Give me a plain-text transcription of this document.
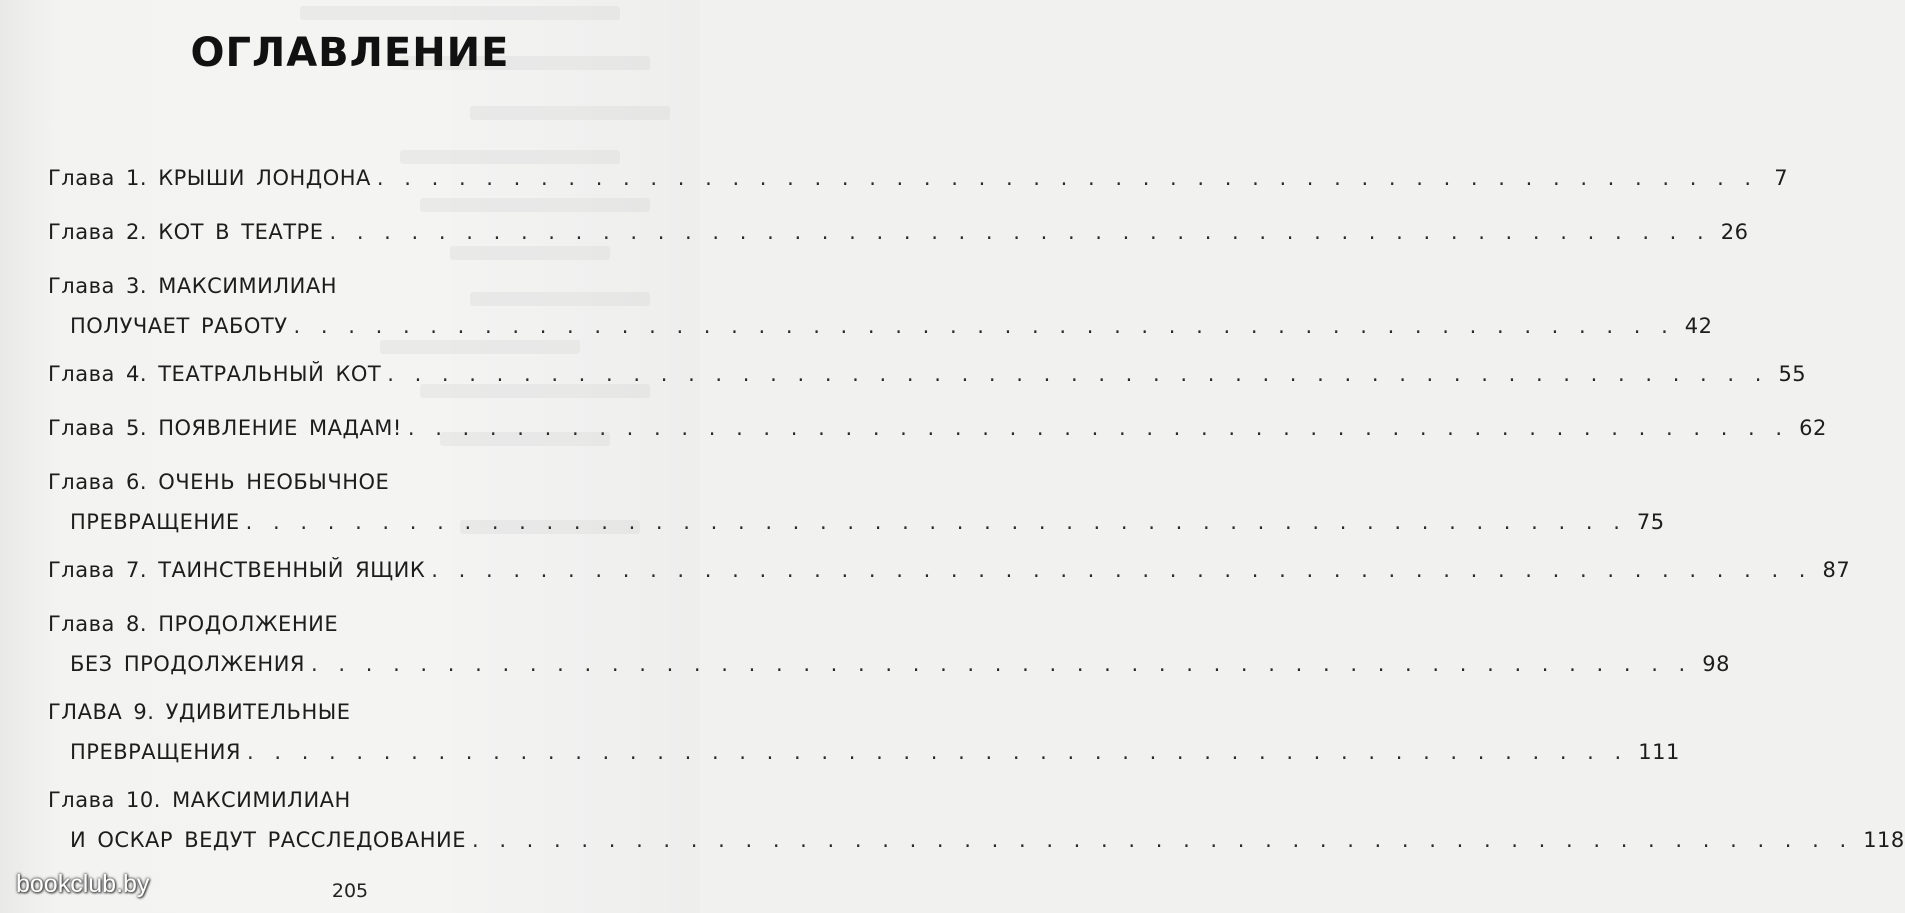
ОГЛАВЛЕНИЕ
Глава 1. КРЫШИ ЛОНДОНА . . . . . . . . . . . . . . . . . . . . . . . . . . . . . . . . . . . . . . . . . . . . . . . . . . . 7
Глава 2. КОТ В ТЕАТРЕ . . . . . . . . . . . . . . . . . . . . . . . . . . . . . . . . . . . . . . . . . . . . . . . . . . . 26
Глава 3. МАКСИМИЛИАН
ПОЛУЧАЕТ РАБОТУ . . . . . . . . . . . . . . . . . . . . . . . . . . . . . . . . . . . . . . . . . . . . . . . . . . . 42
Глава 4. ТЕАТРАЛЬНЫЙ КОТ . . . . . . . . . . . . . . . . . . . . . . . . . . . . . . . . . . . . . . . . . . . . . . . . . . . 55
Глава 5. ПОЯВЛЕНИЕ МАДАМ! . . . . . . . . . . . . . . . . . . . . . . . . . . . . . . . . . . . . . . . . . . . . . . . . . . . 62
Глава 6. ОЧЕНЬ НЕОБЫЧНОЕ
ПРЕВРАЩЕНИЕ . . . . . . . . . . . . . . . . . . . . . . . . . . . . . . . . . . . . . . . . . . . . . . . . . . . 75
Глава 7. ТАИНСТВЕННЫЙ ЯЩИК . . . . . . . . . . . . . . . . . . . . . . . . . . . . . . . . . . . . . . . . . . . . . . . . . . . 87
Глава 8. ПРОДОЛЖЕНИЕ
БЕЗ ПРОДОЛЖЕНИЯ . . . . . . . . . . . . . . . . . . . . . . . . . . . . . . . . . . . . . . . . . . . . . . . . . . . 98
ГЛАВА 9. УДИВИТЕЛЬНЫЕ
ПРЕВРАЩЕНИЯ . . . . . . . . . . . . . . . . . . . . . . . . . . . . . . . . . . . . . . . . . . . . . . . . . . . 111
Глава 10. МАКСИМИЛИАН
И ОСКАР ВЕДУТ РАССЛЕДОВАНИЕ . . . . . . . . . . . . . . . . . . . . . . . . . . . . . . . . . . . . . . . . . . . . . . . . . . . 118
205
bookclub.by
